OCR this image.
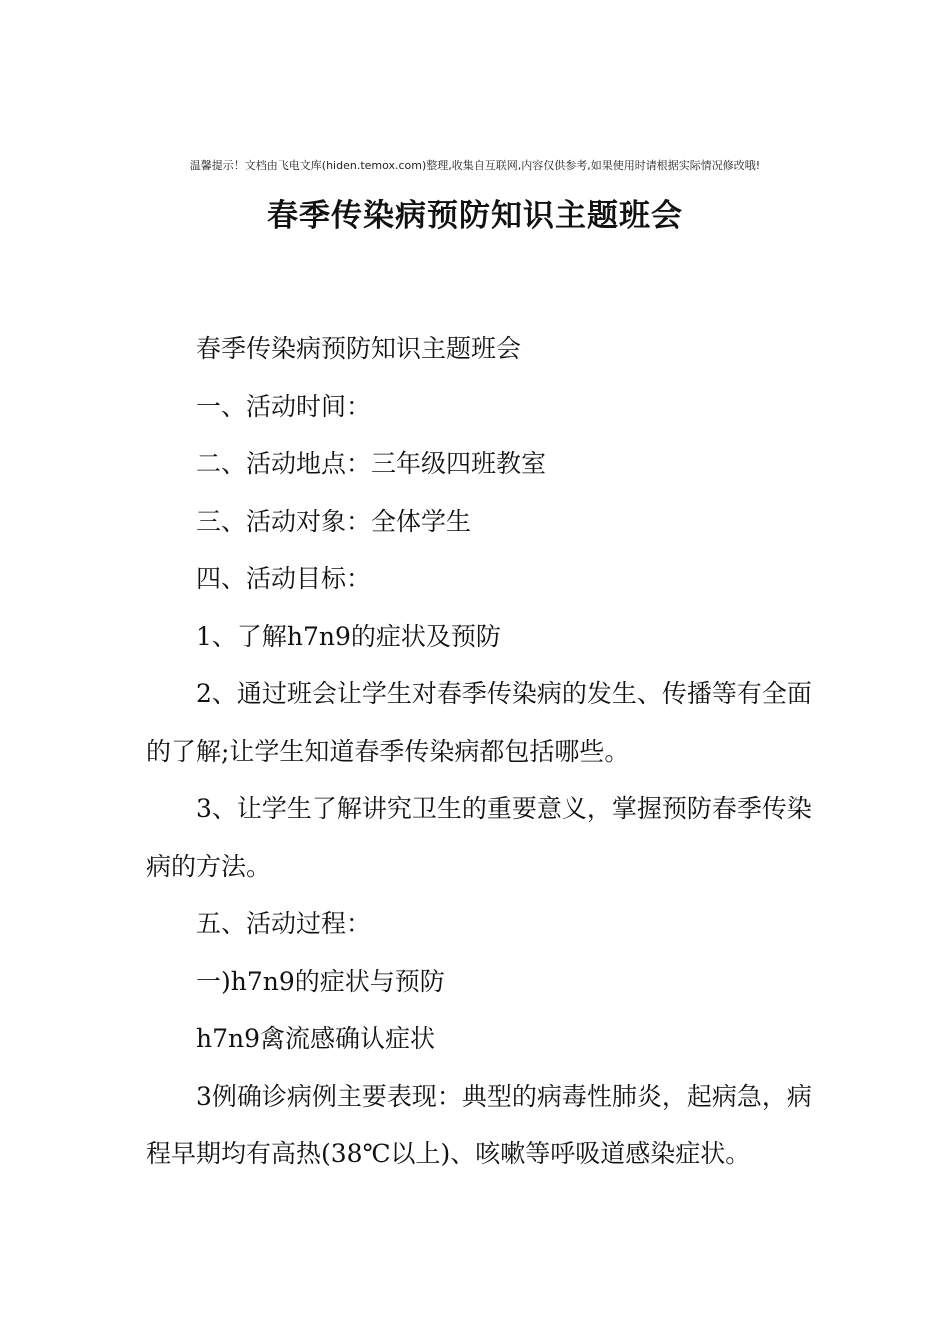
温馨提示！文档由飞电文库(hiden.temox.com)整理,收集自互联网,内容仅供参考,如果使用时请根据实际情况修改哦!
春季传染病预防知识主题班会

春季传染病预防知识主题班会

一、活动时间：

二、活动地点：三年级四班教室

三、活动对象：全体学生

四、活动目标：

1、了解h7n9的症状及预防

2、通过班会让学生对春季传染病的发生、传播等有全面的了解;让学生知道春季传染病都包括哪些。

3、让学生了解讲究卫生的重要意义，掌握预防春季传染病的方法。

五、活动过程：

一)h7n9的症状与预防

h7n9禽流感确认症状

3例确诊病例主要表现：典型的病毒性肺炎，起病急，病程早期均有高热(38℃以上)、咳嗽等呼吸道感染症状。
